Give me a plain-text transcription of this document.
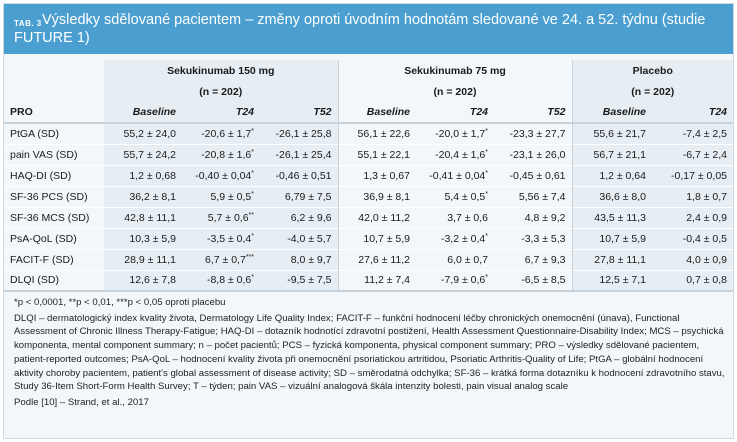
TAB. 3 Výsledky sdělované pacientem – změny oproti úvodním hodnotám sledované ve 24. a 52. týdnu (studie
FUTURE 1)
	Sekukinumab 150 mg			Sekukinumab 75 mg			Placebo	
	(n = 202)			(n = 202)			(n = 202)	
PRO	Baseline	T24	T52	Baseline	T24	T52	Baseline	T24
PtGA (SD)	55,2 ± 24,0	-20,6 ± 1,7*	-26,1 ± 25,8	56,1 ± 22,6	-20,0 ± 1,7*	-23,3 ± 27,7	55,6 ± 21,7	-7,4 ± 2,5
pain VAS (SD)	55,7 ± 24,2	-20,8 ± 1,6*	-26,1 ± 25,4	55,1 ± 22,1	-20,4 ± 1,6*	-23,1 ± 26,0	56,7 ± 21,1	-6,7 ± 2,4
HAQ-DI (SD)	1,2 ± 0,68	-0,40 ± 0,04*	-0,46 ± 0,51	1,3 ± 0,67	-0,41 ± 0,04*	-0,45 ± 0,61	1,2 ± 0,64	-0,17 ± 0,05
SF-36 PCS (SD)	36,2 ± 8,1	5,9 ± 0,5*	6,79 ± 7,5	36,9 ± 8,1	5,4 ± 0,5*	5,56 ± 7,4	36,6 ± 8,0	1,8 ± 0,7
SF-36 MCS (SD)	42,8 ± 11,1	5,7 ± 0,6**	6,2 ± 9,6	42,0 ± 11,2	3,7 ± 0,6	4,8 ± 9,2	43,5 ± 11,3	2,4 ± 0,9
PsA-QoL (SD)	10,3 ± 5,9	-3,5 ± 0,4*	-4,0 ± 5,7	10,7 ± 5,9	-3,2 ± 0,4*	-3,3 ± 5,3	10,7 ± 5,9	-0,4 ± 0,5
FACIT-F (SD)	28,9 ± 11,1	6,7 ± 0,7***	8,0 ± 9,7	27,6 ± 11,2	6,0 ± 0,7	6,7 ± 9,3	27,8 ± 11,1	4,0 ± 0,9
DLQI (SD)	12,6 ± 7,8	-8,8 ± 0,6*	-9,5 ± 7,5	11,2 ± 7,4	-7,9 ± 0,6*	-6,5 ± 8,5	12,5 ± 7,1	0,7 ± 0,8

*p < 0,0001, **p < 0,01, ***p < 0,05 oproti placebu

DLQI – dermatologický index kvality života, Dermatology Life Quality Index; FACIT-F – funkční hodnocení léčby chronických onemocnění (únava), Functional Assessment of Chronic Illness Therapy-Fatigue; HAQ-DI – dotazník hodnotící zdravotní postižení, Health Assessment Questionnaire-Disability Index; MCS – psychická komponenta, mental component summary; n – počet pacientů; PCS – fyzická komponenta, physical component summary; PRO – výsledky sdělované pacientem, patient-reported outcomes; PsA-QoL – hodnocení kvality života při onemocnění psoriatickou artritidou, Psoriatic Arthritis-Quality of Life; PtGA – globální hodnocení aktivity choroby pacientem, patient's global assessment of disease activity; SD – směrodatná odchylka; SF-36 – krátká forma dotazníku k hodnocení zdravotního stavu, Study 36-Item Short-Form Health Survey; T – týden; pain VAS – vizuální analogová škála intenzity bolesti, pain visual analog scale

Podle [10] – Strand, et al., 2017
